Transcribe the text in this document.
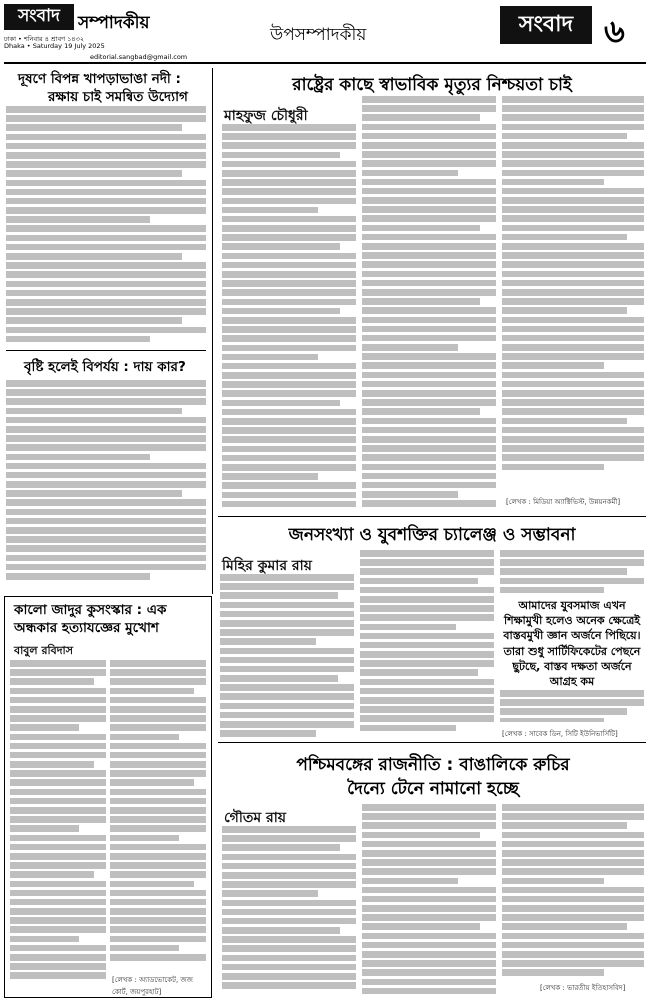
সংবাদ সম্পাদকীয়
ঢাকা • শনিবার ৪ শ্রাবণ ১৪৩২
Dhaka • Saturday 19 July 2025
editorial.sangbad@gmail.com
উপসম্পাদকীয়	সংবাদ ৬
দূষণে বিপন্ন খাপড়াভাঙা নদী :
রক্ষায় চাই সমন্বিত উদ্যোগ
বৃষ্টি হলেই বিপর্যয় : দায় কার?
রাষ্ট্রের কাছে স্বাভাবিক মৃত্যুর নিশ্চয়তা চাই
মাহফুজ চৌধুরী
[লেখক : মিডিয়া অ্যাক্টিভিস্ট, উন্নয়নকর্মী]
জনসংখ্যা ও যুবশক্তির চ্যালেঞ্জ ও সম্ভাবনা
মিহির কুমার রায়
আমাদের যুবসমাজ এখন শিক্ষামুখী হলেও অনেক ক্ষেত্রেই বাস্তবমুখী জ্ঞান অর্জনে পিছিয়ে। তারা শুধু সার্টিফিকেটের পেছনে ছুটছে, বাস্তব দক্ষতা অর্জনে আগ্রহ কম
[লেখক : সাবেক ডিন, সিটি ইউনিভার্সিটি]
কালো জাদুর কুসংস্কার : এক অন্ধকার হত্যাযজ্ঞের মুখোশ
বাবুল রবিদাস
[লেখক : অ্যাডভোকেট, জজ কোর্ট, জয়পুরহাট]
পশ্চিমবঙ্গের রাজনীতি : বাঙালিকে রুচির
দৈন্যে টেনে নামানো হচ্ছে
গৌতম রায়
[লেখক : ভারতীয় ইতিহাসবিদ]
